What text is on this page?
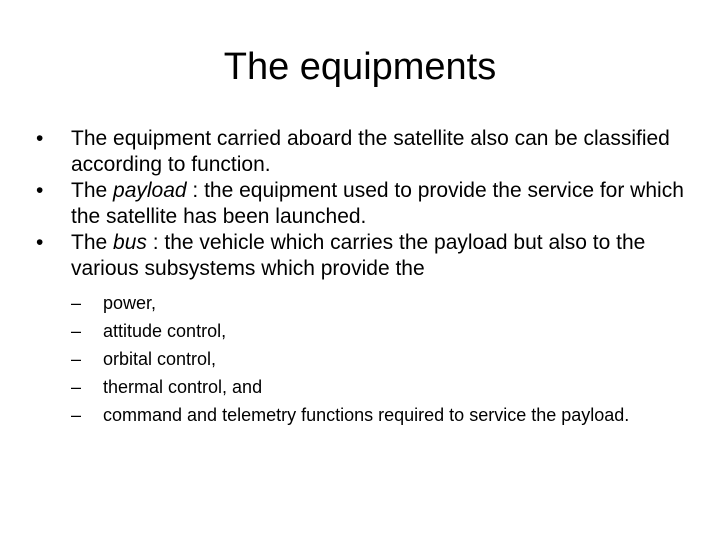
The equipments
•	The equipment carried aboard the satellite also can be classified according to function.
•	The payload : the equipment used to provide the service for which the satellite has been launched.
•	The bus : the vehicle which carries the payload but also to the various subsystems which provide the
–	power,
–	attitude control,
–	orbital control,
–	thermal control, and
–	command and telemetry functions required to service the payload.
